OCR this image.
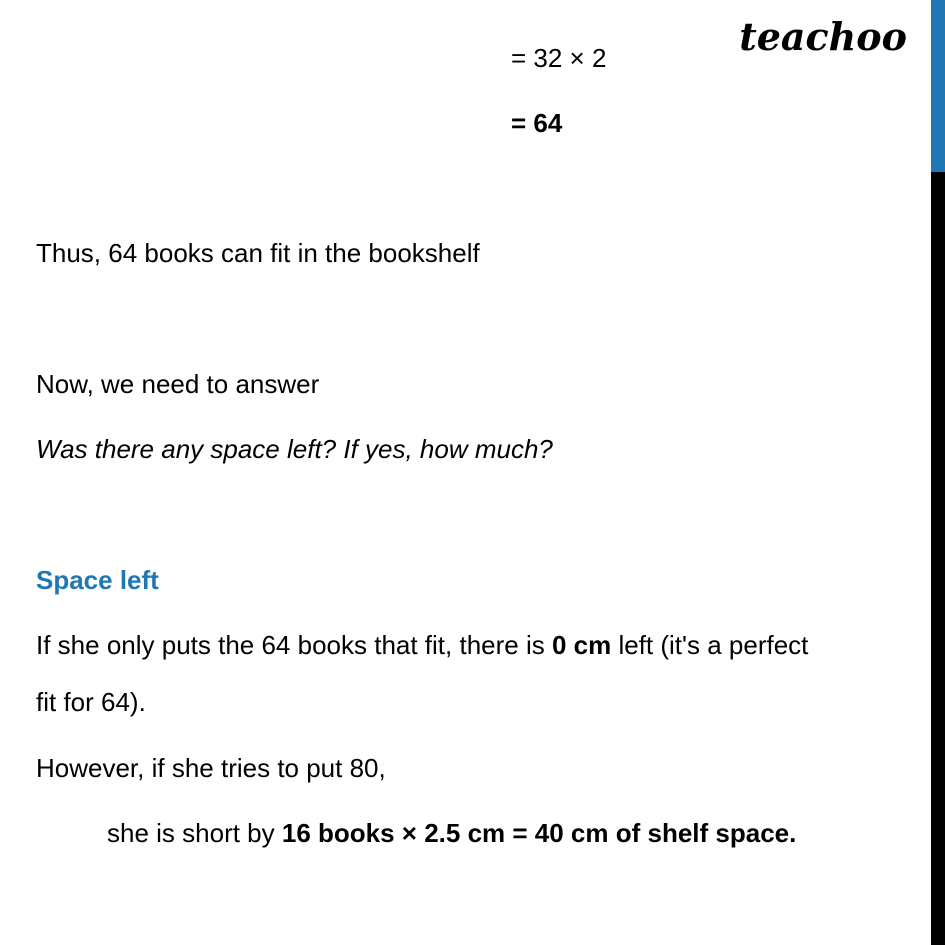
teachoo
= 32 × 2
= 64
Thus, 64 books can fit in the bookshelf
Now, we need to answer
Was there any space left? If yes, how much?
Space left
If she only puts the 64 books that fit, there is 0 cm left (it's a perfect
fit for 64).
However, if she tries to put 80,
she is short by 16 books × 2.5 cm = 40 cm of shelf space.
